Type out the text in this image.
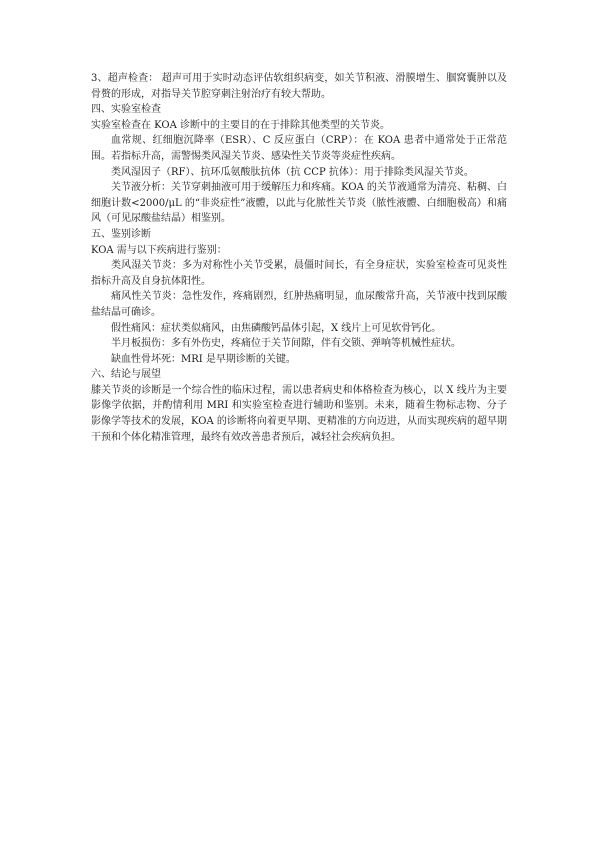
3、超声检查： 超声可用于实时动态评估软组织病变，如关节积液、滑膜增生、腘窝囊肿以及骨赘的形成，对指导关节腔穿刺注射治疗有较大帮助。

四、实验室检查

实验室检查在 KOA 诊断中的主要目的在于排除其他类型的关节炎。

血常规、红细胞沉降率（ESR）、C 反应蛋白（CRP）：在 KOA 患者中通常处于正常范围。若指标升高，需警惕类风湿关节炎、感染性关节炎等炎症性疾病。

类风湿因子（RF）、抗环瓜氨酸肽抗体（抗 CCP 抗体）：用于排除类风湿关节炎。

关节液分析：关节穿刺抽液可用于缓解压力和疼痛。KOA 的关节液通常为清亮、粘稠、白细胞计数<2000/μL 的“非炎症性”液體，以此与化脓性关节炎（脓性液體、白细胞极高）和痛风（可见尿酸盐结晶）相鉴别。

五、鉴别诊断

KOA 需与以下疾病进行鉴别：

类风湿关节炎：多为对称性小关节受累，晨僵时间长，有全身症状，实验室检查可见炎性指标升高及自身抗体阳性。

痛风性关节炎：急性发作，疼痛剧烈，红肿热痛明显，血尿酸常升高，关节液中找到尿酸盐结晶可确诊。

假性痛风：症状类似痛风，由焦磷酸钙晶体引起，X 线片上可见软骨钙化。

半月板损伤：多有外伤史，疼痛位于关节间隙，伴有交锁、弹响等机械性症状。

缺血性骨坏死：MRI 是早期诊断的关键。

六、结论与展望

膝关节炎的诊断是一个综合性的临床过程，需以患者病史和体格检查为核心，以 X 线片为主要影像学依据，并酌情利用 MRI 和实验室检查进行辅助和鉴别。未来，随着生物标志物、分子影像学等技术的发展，KOA 的诊断将向着更早期、更精准的方向迈进，从而实现疾病的超早期干预和个体化精准管理，最终有效改善患者预后，减轻社会疾病负担。
